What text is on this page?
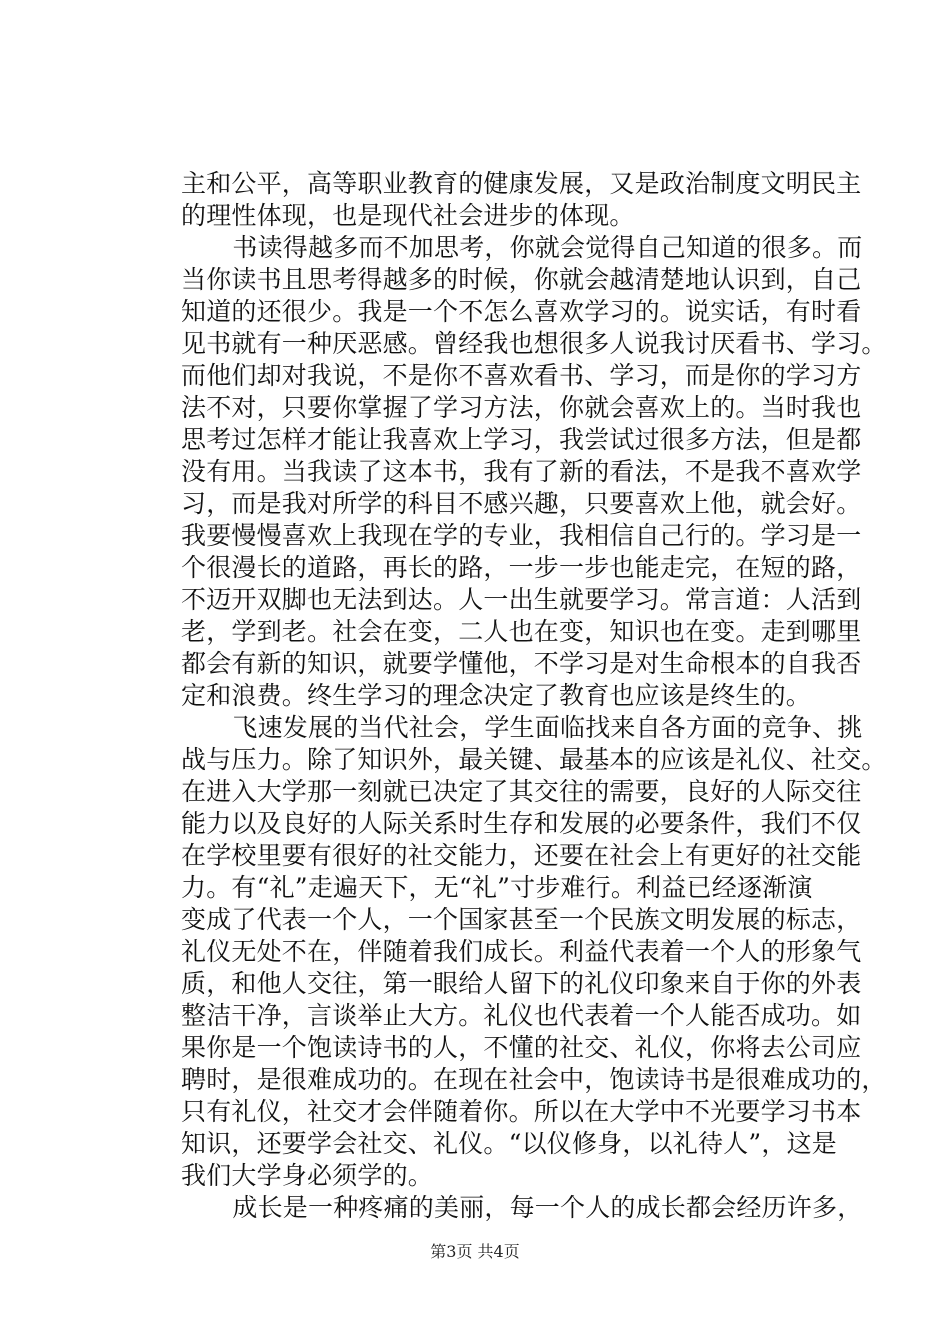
主和公平，高等职业教育的健康发展，又是政治制度文明民主
的理性体现，也是现代社会进步的体现。
　　书读得越多而不加思考，你就会觉得自己知道的很多。而
当你读书且思考得越多的时候，你就会越清楚地认识到，自己
知道的还很少。我是一个不怎么喜欢学习的。说实话，有时看
见书就有一种厌恶感。曾经我也想很多人说我讨厌看书、学习。
而他们却对我说，不是你不喜欢看书、学习，而是你的学习方
法不对，只要你掌握了学习方法，你就会喜欢上的。当时我也
思考过怎样才能让我喜欢上学习，我尝试过很多方法，但是都
没有用。当我读了这本书，我有了新的看法，不是我不喜欢学
习，而是我对所学的科目不感兴趣，只要喜欢上他，就会好。
我要慢慢喜欢上我现在学的专业，我相信自己行的。学习是一
个很漫长的道路，再长的路，一步一步也能走完，在短的路，
不迈开双脚也无法到达。人一出生就要学习。常言道：人活到
老，学到老。社会在变，二人也在变，知识也在变。走到哪里
都会有新的知识，就要学懂他，不学习是对生命根本的自我否
定和浪费。终生学习的理念决定了教育也应该是终生的。
　　飞速发展的当代社会，学生面临找来自各方面的竞争、挑
战与压力。除了知识外，最关键、最基本的应该是礼仪、社交。
在进入大学那一刻就已决定了其交往的需要，良好的人际交往
能力以及良好的人际关系时生存和发展的必要条件，我们不仅
在学校里要有很好的社交能力，还要在社会上有更好的社交能
力。有“礼”走遍天下，无“礼”寸步难行。利益已经逐渐演
变成了代表一个人，一个国家甚至一个民族文明发展的标志，
礼仪无处不在，伴随着我们成长。利益代表着一个人的形象气
质，和他人交往，第一眼给人留下的礼仪印象来自于你的外表
整洁干净，言谈举止大方。礼仪也代表着一个人能否成功。如
果你是一个饱读诗书的人，不懂的社交、礼仪，你将去公司应
聘时，是很难成功的。在现在社会中，饱读诗书是很难成功的，
只有礼仪，社交才会伴随着你。所以在大学中不光要学习书本
知识，还要学会社交、礼仪。“以仪修身，以礼待人”，这是
我们大学身必须学的。
　　成长是一种疼痛的美丽，每一个人的成长都会经历许多，
第3页 共4页
